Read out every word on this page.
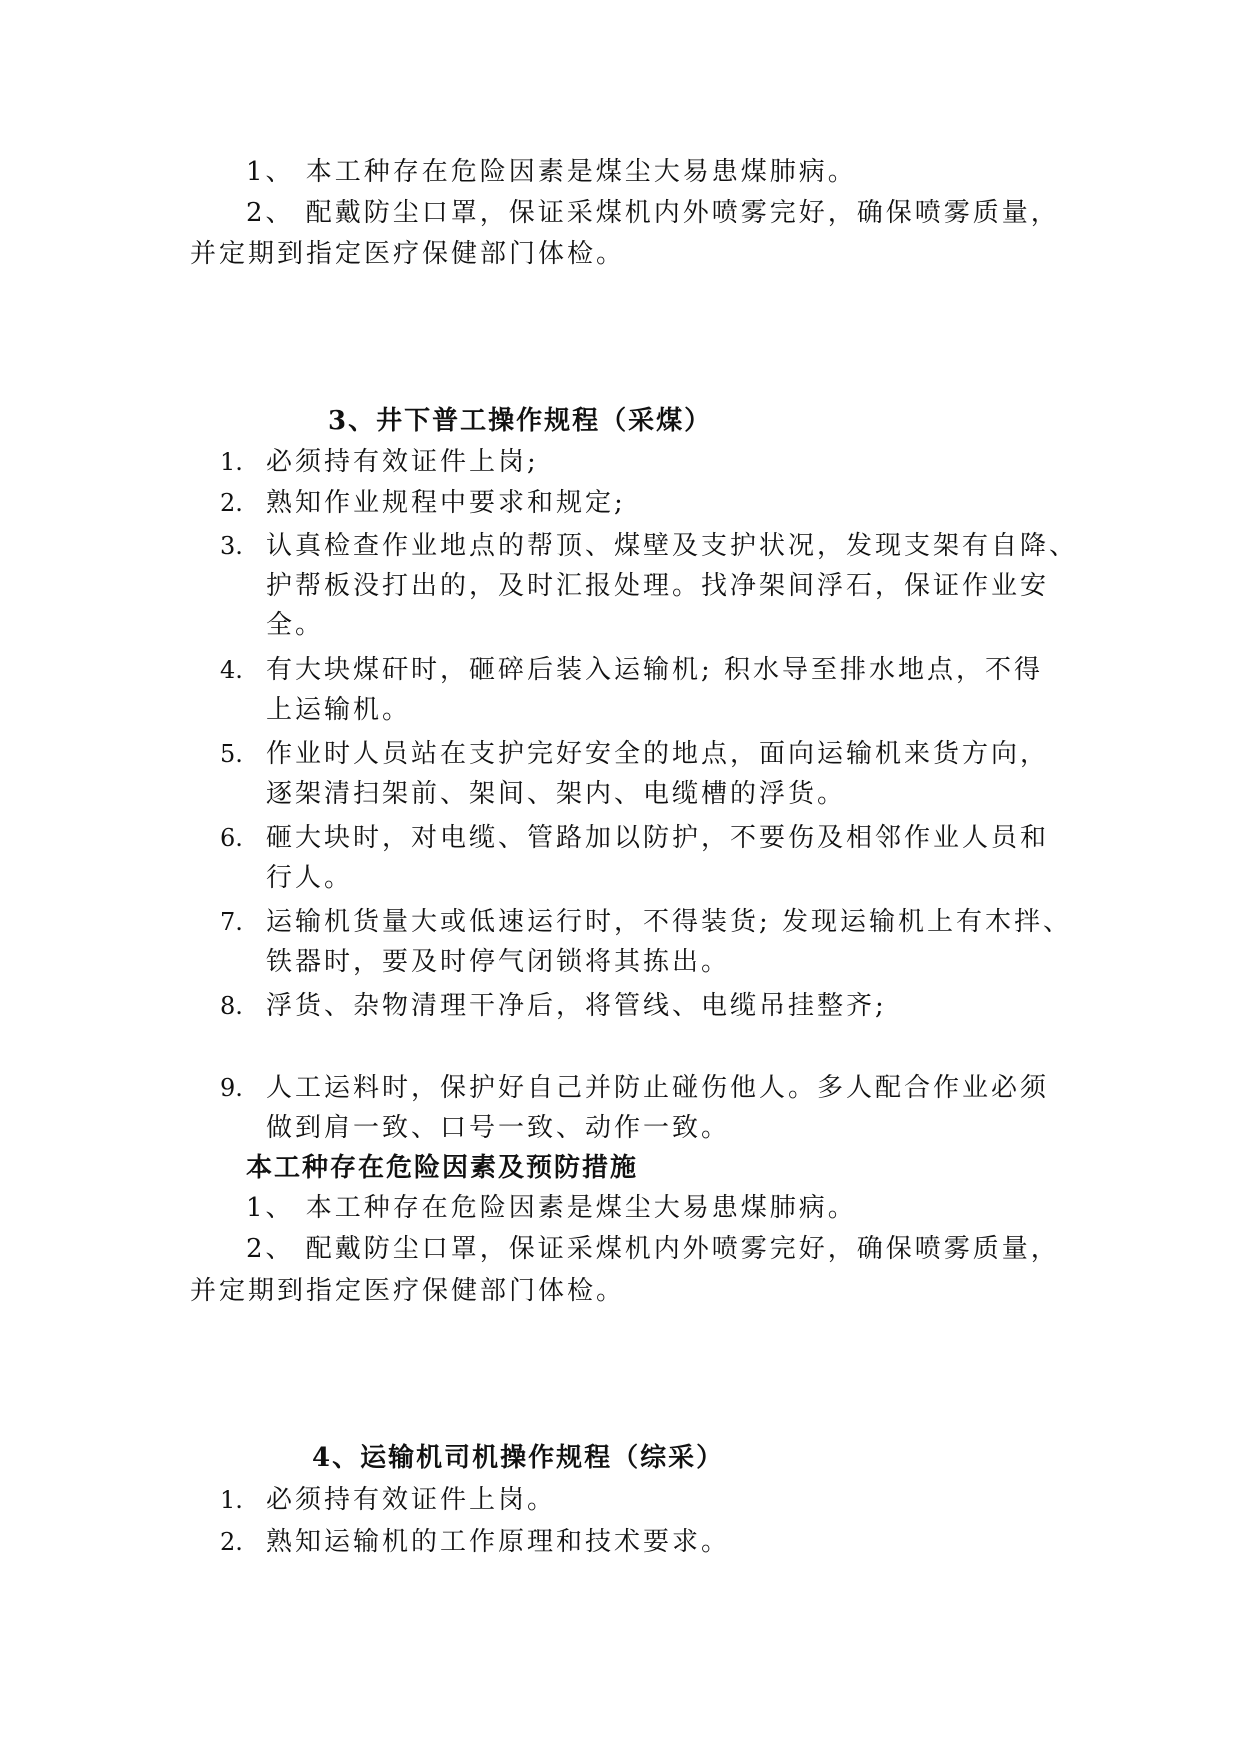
1、 本工种存在危险因素是煤尘大易患煤肺病。
2、 配戴防尘口罩，保证采煤机内外喷雾完好，确保喷雾质量，
并定期到指定医疗保健部门体检。
3、井下普工操作规程（采煤）
1. 必须持有效证件上岗;
2. 熟知作业规程中要求和规定;
3. 认真检查作业地点的帮顶、煤壁及支护状况，发现支架有自降、
护帮板没打出的，及时汇报处理。找净架间浮石，保证作业安
全。
4. 有大块煤矸时，砸碎后装入运输机; 积水导至排水地点，不得
上运输机。
5. 作业时人员站在支护完好安全的地点，面向运输机来货方向，
逐架清扫架前、架间、架内、电缆槽的浮货。
6. 砸大块时，对电缆、管路加以防护，不要伤及相邻作业人员和
行人。
7. 运输机货量大或低速运行时，不得装货; 发现运输机上有木拌、
铁器时，要及时停气闭锁将其拣出。
8. 浮货、杂物清理干净后，将管线、电缆吊挂整齐;
9. 人工运料时，保护好自己并防止碰伤他人。多人配合作业必须
做到肩一致、口号一致、动作一致。
本工种存在危险因素及预防措施
1、 本工种存在危险因素是煤尘大易患煤肺病。
2、 配戴防尘口罩，保证采煤机内外喷雾完好，确保喷雾质量，
并定期到指定医疗保健部门体检。
4、运输机司机操作规程（综采）
1. 必须持有效证件上岗。
2. 熟知运输机的工作原理和技术要求。
